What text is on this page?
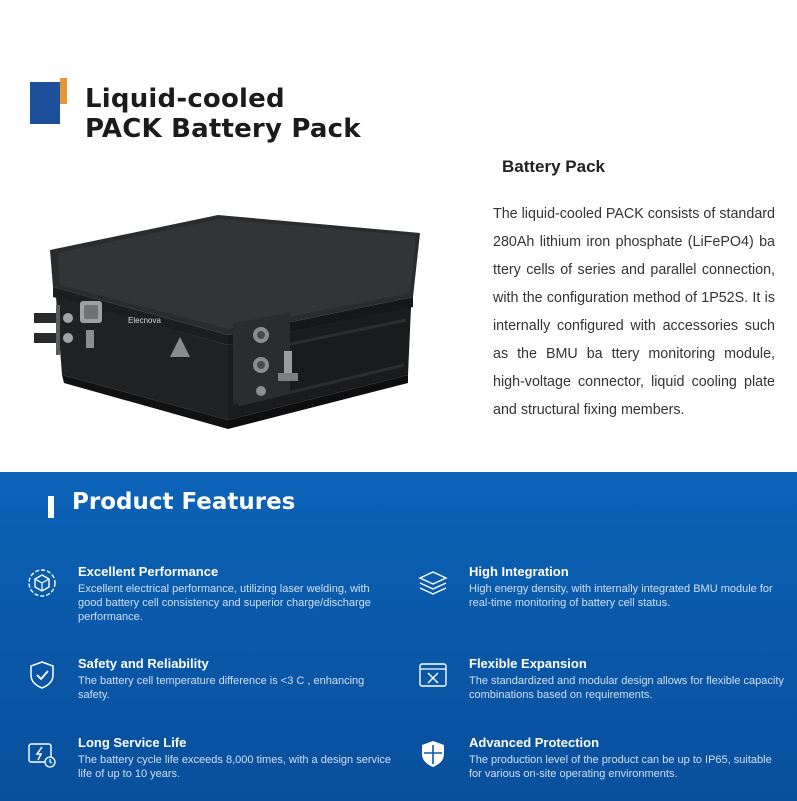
Liquid-cooled
PACK Battery Pack
Elecnova
Battery Pack

The liquid-cooled PACK consists of standard 280Ah lithium iron phosphate (LiFePO4) ba ttery cells of series and parallel connection, with the configuration method of 1P52S. It is internally configured with accessories such as the BMU ba ttery monitoring module, high-voltage connector, liquid cooling plate and structural fixing members.

Product Features
Excellent Performance

Excellent electrical performance, utilizing laser welding, with good battery cell consistency and superior charge/discharge performance.

High Integration

High energy density, with internally integrated BMU module for real-time monitoring of battery cell status.

Safety and Reliability

The battery cell temperature difference is <3 C , enhancing safety.

Flexible Expansion

The standardized and modular design allows for flexible capacity combinations based on requirements.

Long Service Life

The battery cycle life exceeds 8,000 times, with a design service life of up to 10 years.

Advanced Protection

The production level of the product can be up to IP65, suitable for various on-site operating environments.
